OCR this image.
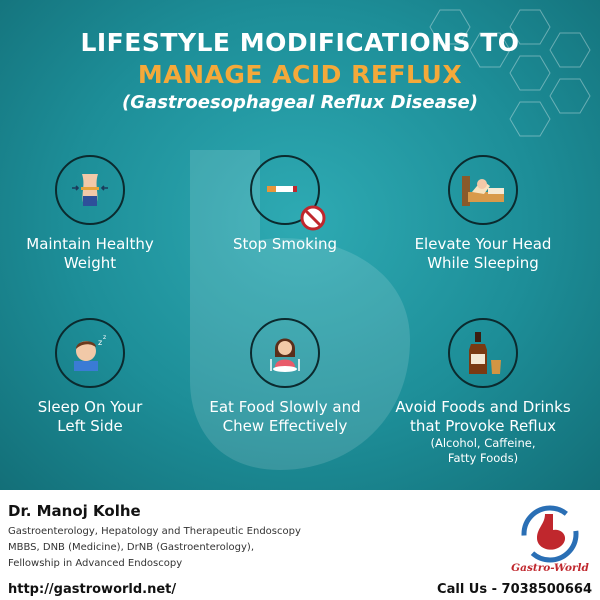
LIFESTYLE MODIFICATIONS TO
MANAGE ACID REFLUX
(Gastroesophageal Reflux Disease)
Maintain Healthy
Weight
Stop Smoking	Elevate Your Head
While Sleeping
z
z
Sleep On Your
Left Side
Eat Food Slowly and
Chew Effectively
Avoid Foods and Drinks
that Provoke Reflux
(Alcohol, Caffeine,
Fatty Foods)
Dr. Manoj Kolhe
Gastroenterology, Hepatology and Therapeutic Endoscopy
MBBS, DNB (Medicine), DrNB (Gastroenterology),
Fellowship in Advanced Endoscopy	Gastro-World
http://gastroworld.net/	Call Us - 7038500664
